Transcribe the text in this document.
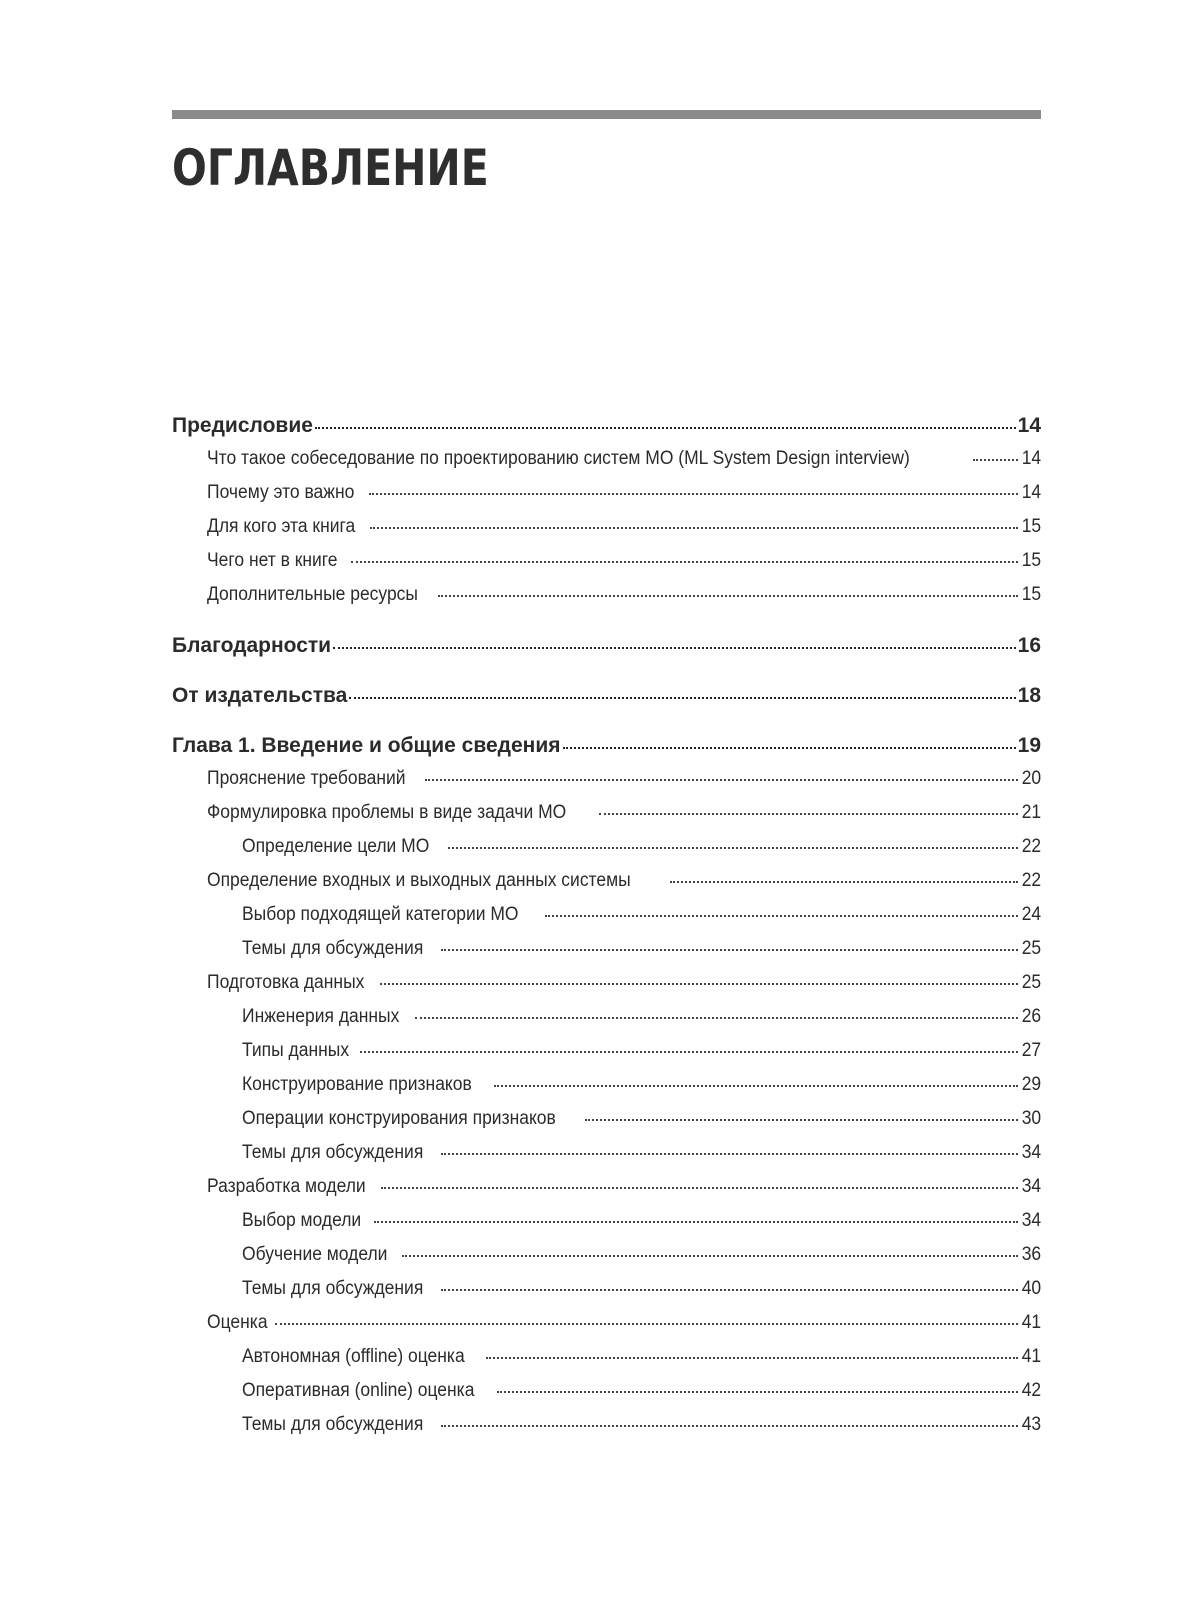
ОГЛАВЛЕНИЕ
Предисловие	14
Что такое собеседование по проектированию систем МО (ML System Design interview)	14
Почему это важно	14
Для кого эта книга	15
Чего нет в книге	15
Дополнительные ресурсы	15
Благодарности	16
От издательства	18
Глава 1. Введение и общие сведения	19
Прояснение требований	20
Формулировка проблемы в виде задачи МО	21
Определение цели МО	22
Определение входных и выходных данных системы	22
Выбор подходящей категории МО	24
Темы для обсуждения	25
Подготовка данных	25
Инженерия данных	26
Типы данных	27
Конструирование признаков	29
Операции конструирования признаков	30
Темы для обсуждения	34
Разработка модели	34
Выбор модели	34
Обучение модели	36
Темы для обсуждения	40
Оценка	41
Автономная (offline) оценка	41
Оперативная (online) оценка	42
Темы для обсуждения	43
